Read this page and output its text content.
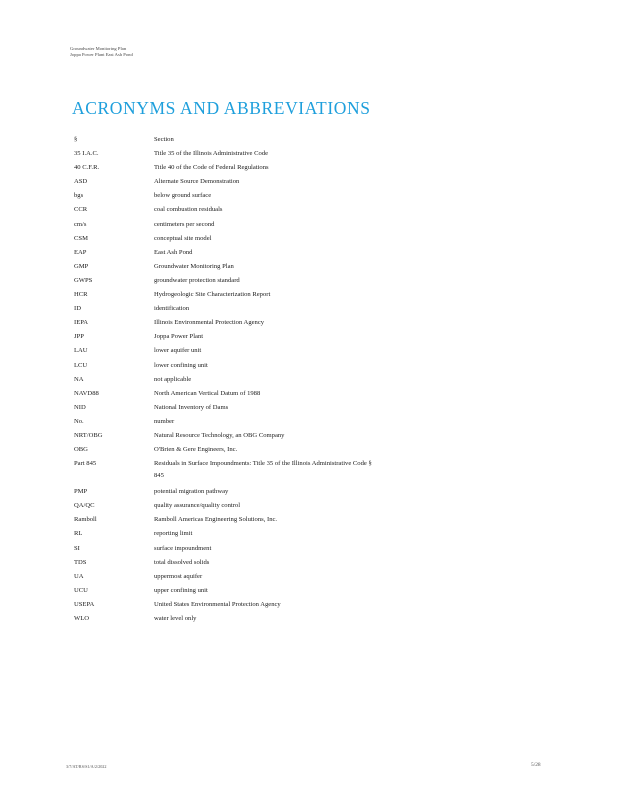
Groundwater Monitoring Plan
Joppa Power Plant East Ash Pond
ACRONYMS AND ABBREVIATIONS
§	Section
35 I.A.C.	Title 35 of the Illinois Administrative Code
40 C.F.R.	Title 40 of the Code of Federal Regulations
ASD	Alternate Source Demonstration
bgs	below ground surface
CCR	coal combustion residuals
cm/s	centimeters per second
CSM	conceptual site model
EAP	East Ash Pond
GMP	Groundwater Monitoring Plan
GWPS	groundwater protection standard
HCR	Hydrogeologic Site Characterization Report
ID	identification
IEPA	Illinois Environmental Protection Agency
JPP	Joppa Power Plant
LAU	lower aquifer unit
LCU	lower confining unit
NA	not applicable
NAVD88	North American Vertical Datum of 1988
NID	National Inventory of Dams
No.	number
NRT/OBG	Natural Resource Technology, an OBG Company
OBG	O'Brien & Gere Engineers, Inc.
Part 845	Residuals in Surface Impoundments: Title 35 of the Illinois Administrative Code § 845
PMP	potential migration pathway
QA/QC	quality assurance/quality control
Ramboll	Ramboll Americas Engineering Solutions, Inc.
RL	reporting limit
SI	surface impoundment
TDS	total dissolved solids
UA	uppermost aquifer
UCU	upper confining unit
USEPA	United States Environmental Protection Agency
WLO	water level only
3/7/AT/RS/S1/A/2/2022	5/28
